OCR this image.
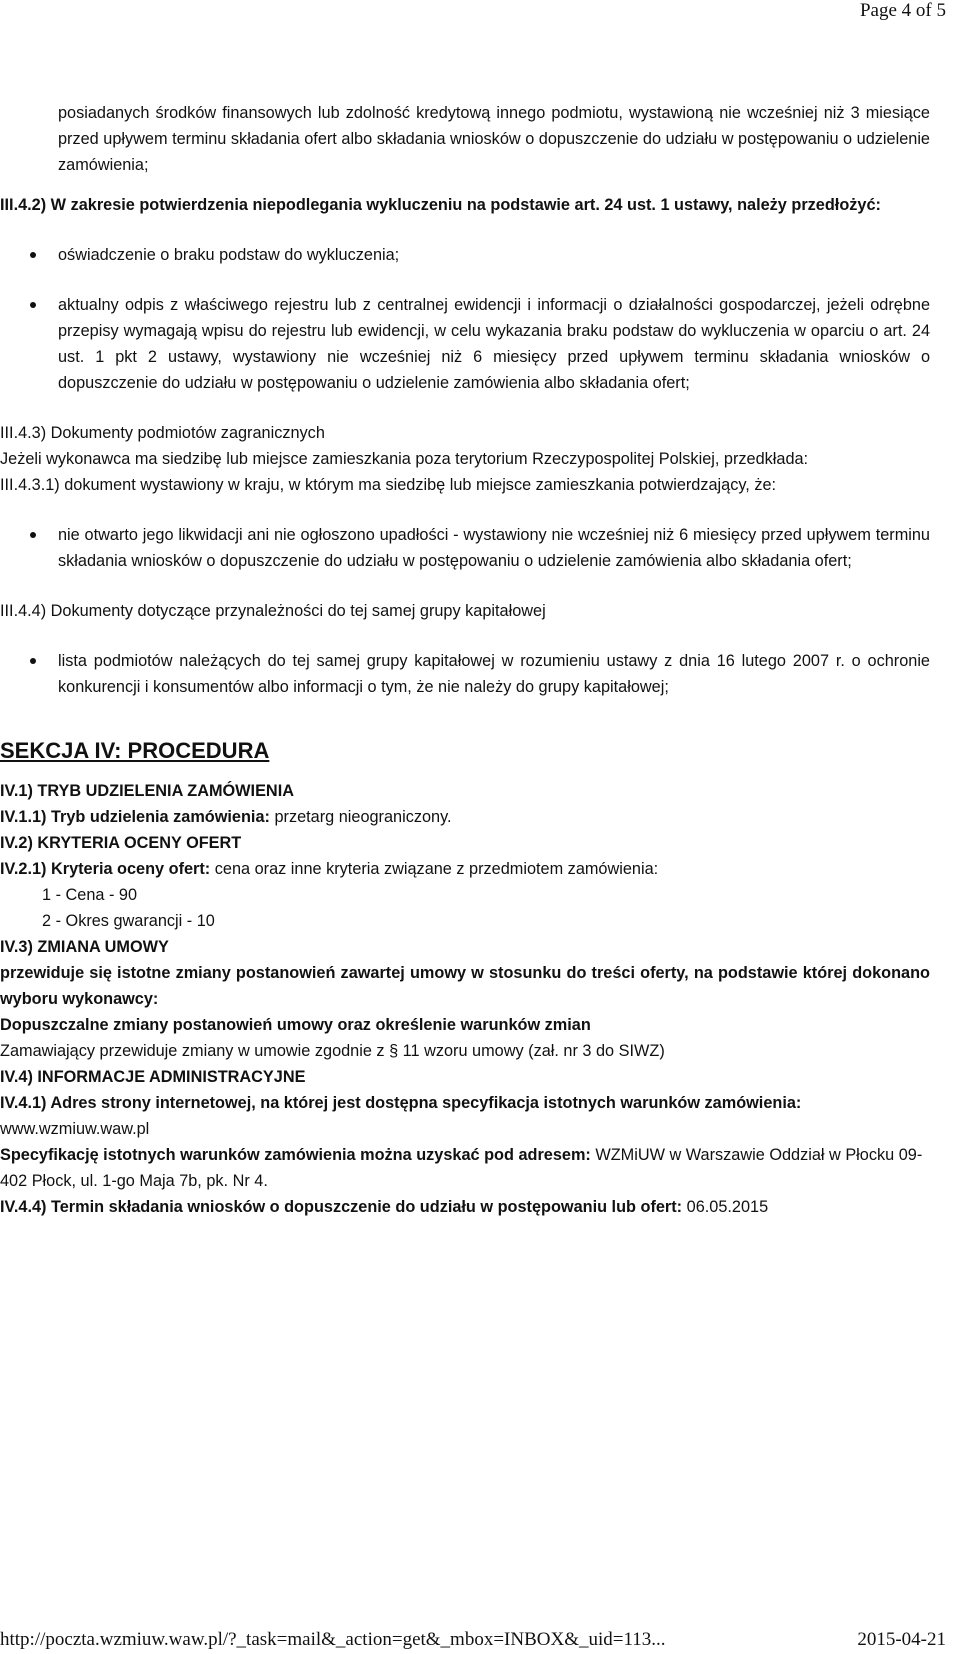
Page 4 of 5

posiadanych środków finansowych lub zdolność kredytową innego podmiotu, wystawioną nie wcześniej niż 3 miesiące przed upływem terminu składania ofert albo składania wniosków o dopuszczenie do udziału w postępowaniu o udzielenie zamówienia;

III.4.2) W zakresie potwierdzenia niepodlegania wykluczeniu na podstawie art. 24 ust. 1 ustawy, należy przedłożyć:

oświadczenie o braku podstaw do wykluczenia;
aktualny odpis z właściwego rejestru lub z centralnej ewidencji i informacji o działalności gospodarczej, jeżeli odrębne przepisy wymagają wpisu do rejestru lub ewidencji, w celu wykazania braku podstaw do wykluczenia w oparciu o art. 24 ust. 1 pkt 2 ustawy, wystawiony nie wcześniej niż 6 miesięcy przed upływem terminu składania wniosków o dopuszczenie do udziału w postępowaniu o udzielenie zamówienia albo składania ofert;

III.4.3) Dokumenty podmiotów zagranicznych

Jeżeli wykonawca ma siedzibę lub miejsce zamieszkania poza terytorium Rzeczypospolitej Polskiej, przedkłada:

III.4.3.1) dokument wystawiony w kraju, w którym ma siedzibę lub miejsce zamieszkania potwierdzający, że:

nie otwarto jego likwidacji ani nie ogłoszono upadłości - wystawiony nie wcześniej niż 6 miesięcy przed upływem terminu składania wniosków o dopuszczenie do udziału w postępowaniu o udzielenie zamówienia albo składania ofert;

III.4.4) Dokumenty dotyczące przynależności do tej samej grupy kapitałowej

lista podmiotów należących do tej samej grupy kapitałowej w rozumieniu ustawy z dnia 16 lutego 2007 r. o ochronie konkurencji i konsumentów albo informacji o tym, że nie należy do grupy kapitałowej;

SEKCJA IV: PROCEDURA

IV.1) TRYB UDZIELENIA ZAMÓWIENIA

IV.1.1) Tryb udzielenia zamówienia: przetarg nieograniczony.

IV.2) KRYTERIA OCENY OFERT

IV.2.1) Kryteria oceny ofert: cena oraz inne kryteria związane z przedmiotem zamówienia:

1 - Cena - 90

2 - Okres gwarancji - 10

IV.3) ZMIANA UMOWY

przewiduje się istotne zmiany postanowień zawartej umowy w stosunku do treści oferty, na podstawie której dokonano wyboru wykonawcy:

Dopuszczalne zmiany postanowień umowy oraz określenie warunków zmian

Zamawiający przewiduje zmiany w umowie zgodnie z § 11 wzoru umowy (zał. nr 3 do SIWZ)

IV.4) INFORMACJE ADMINISTRACYJNE

IV.4.1) Adres strony internetowej, na której jest dostępna specyfikacja istotnych warunków zamówienia: www.wzmiuw.waw.pl

Specyfikację istotnych warunków zamówienia można uzyskać pod adresem: WZMiUW w Warszawie Oddział w Płocku 09-402 Płock, ul. 1-go Maja 7b, pk. Nr 4.

IV.4.4) Termin składania wniosków o dopuszczenie do udziału w postępowaniu lub ofert: 06.05.2015

http://poczta.wzmiuw.waw.pl/?_task=mail&_action=get&_mbox=INBOX&_uid=113...	2015-04-21
